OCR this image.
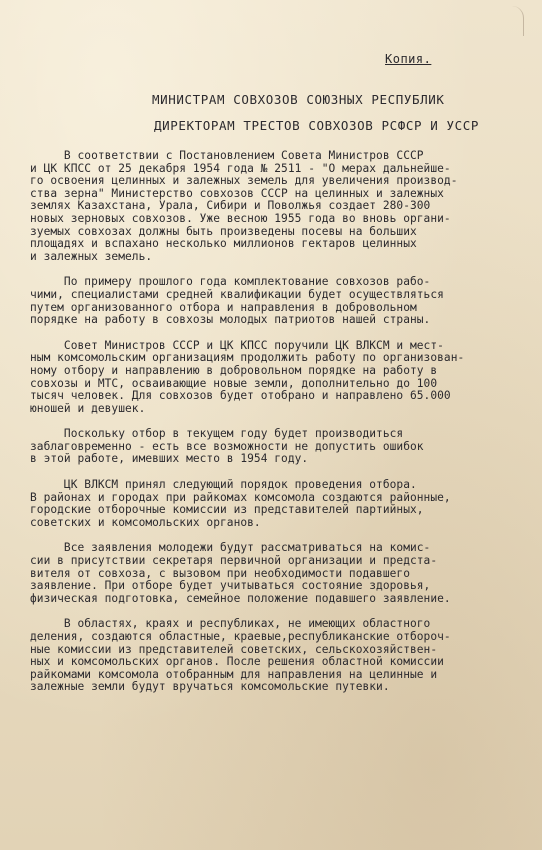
Копия.
МИНИСТРАМ СОВХОЗОВ СОЮЗНЫХ РЕСПУБЛИК
ДИРЕКТОРАМ ТРЕСТОВ СОВХОЗОВ РСФСР И УССР
В соответствии с Постановлением Совета Министров СССР
и ЦК КПСС от 25 декабря 1954 года № 2511 - "О мерах дальнейше-
го освоения целинных и залежных земель для увеличения производ-
ства зерна" Министерство совхозов СССР на целинных и залежных
землях Казахстана, Урала, Сибири и Поволжья создает 280-300
новых зерновых совхозов. Уже весною 1955 года во вновь органи-
зуемых совхозах должны быть произведены посевы на больших
площадях и вспахано несколько миллионов гектаров целинных
и залежных земель.
По примеру прошлого года комплектование совхозов рабо-
чими, специалистами средней квалификации будет осуществляться
путем организованного отбора и направления в добровольном
порядке на работу в совхозы молодых патриотов нашей страны.
Совет Министров СССР и ЦК КПСС поручили ЦК ВЛКСМ и мест-
ным комсомольским организациям продолжить работу по организован-
ному отбору и направлению в добровольном порядке на работу в
совхозы и МТС, осваивающие новые земли, дополнительно до 100
тысяч человек. Для совхозов будет отобрано и направлено 65.000
юношей и девушек.
Поскольку отбор в текущем году будет производиться
заблаговременно - есть все возможности не допустить ошибок
в этой работе, имевших место в 1954 году.
ЦК ВЛКСМ принял следующий порядок проведения отбора.
В районах и городах при райкомах комсомола создаются районные,
городские отборочные комиссии из представителей партийных,
советских и комсомольских органов.
Все заявления молодежи будут рассматриваться на комис-
сии в присутствии секретаря первичной организации и предста-
вителя от совхоза, с вызовом при необходимости подавшего
заявление. При отборе будет учитываться состояние здоровья,
физическая подготовка, семейное положение подавшего заявление.
В областях, краях и республиках, не имеющих областного
деления, создаются областные, краевые,республиканские отбороч-
ные комиссии из представителей советских, сельскохозяйствен-
ных и комсомольских органов. После решения областной комиссии
райкомами комсомола отобранным для направления на целинные и
залежные земли будут вручаться комсомольские путевки.
